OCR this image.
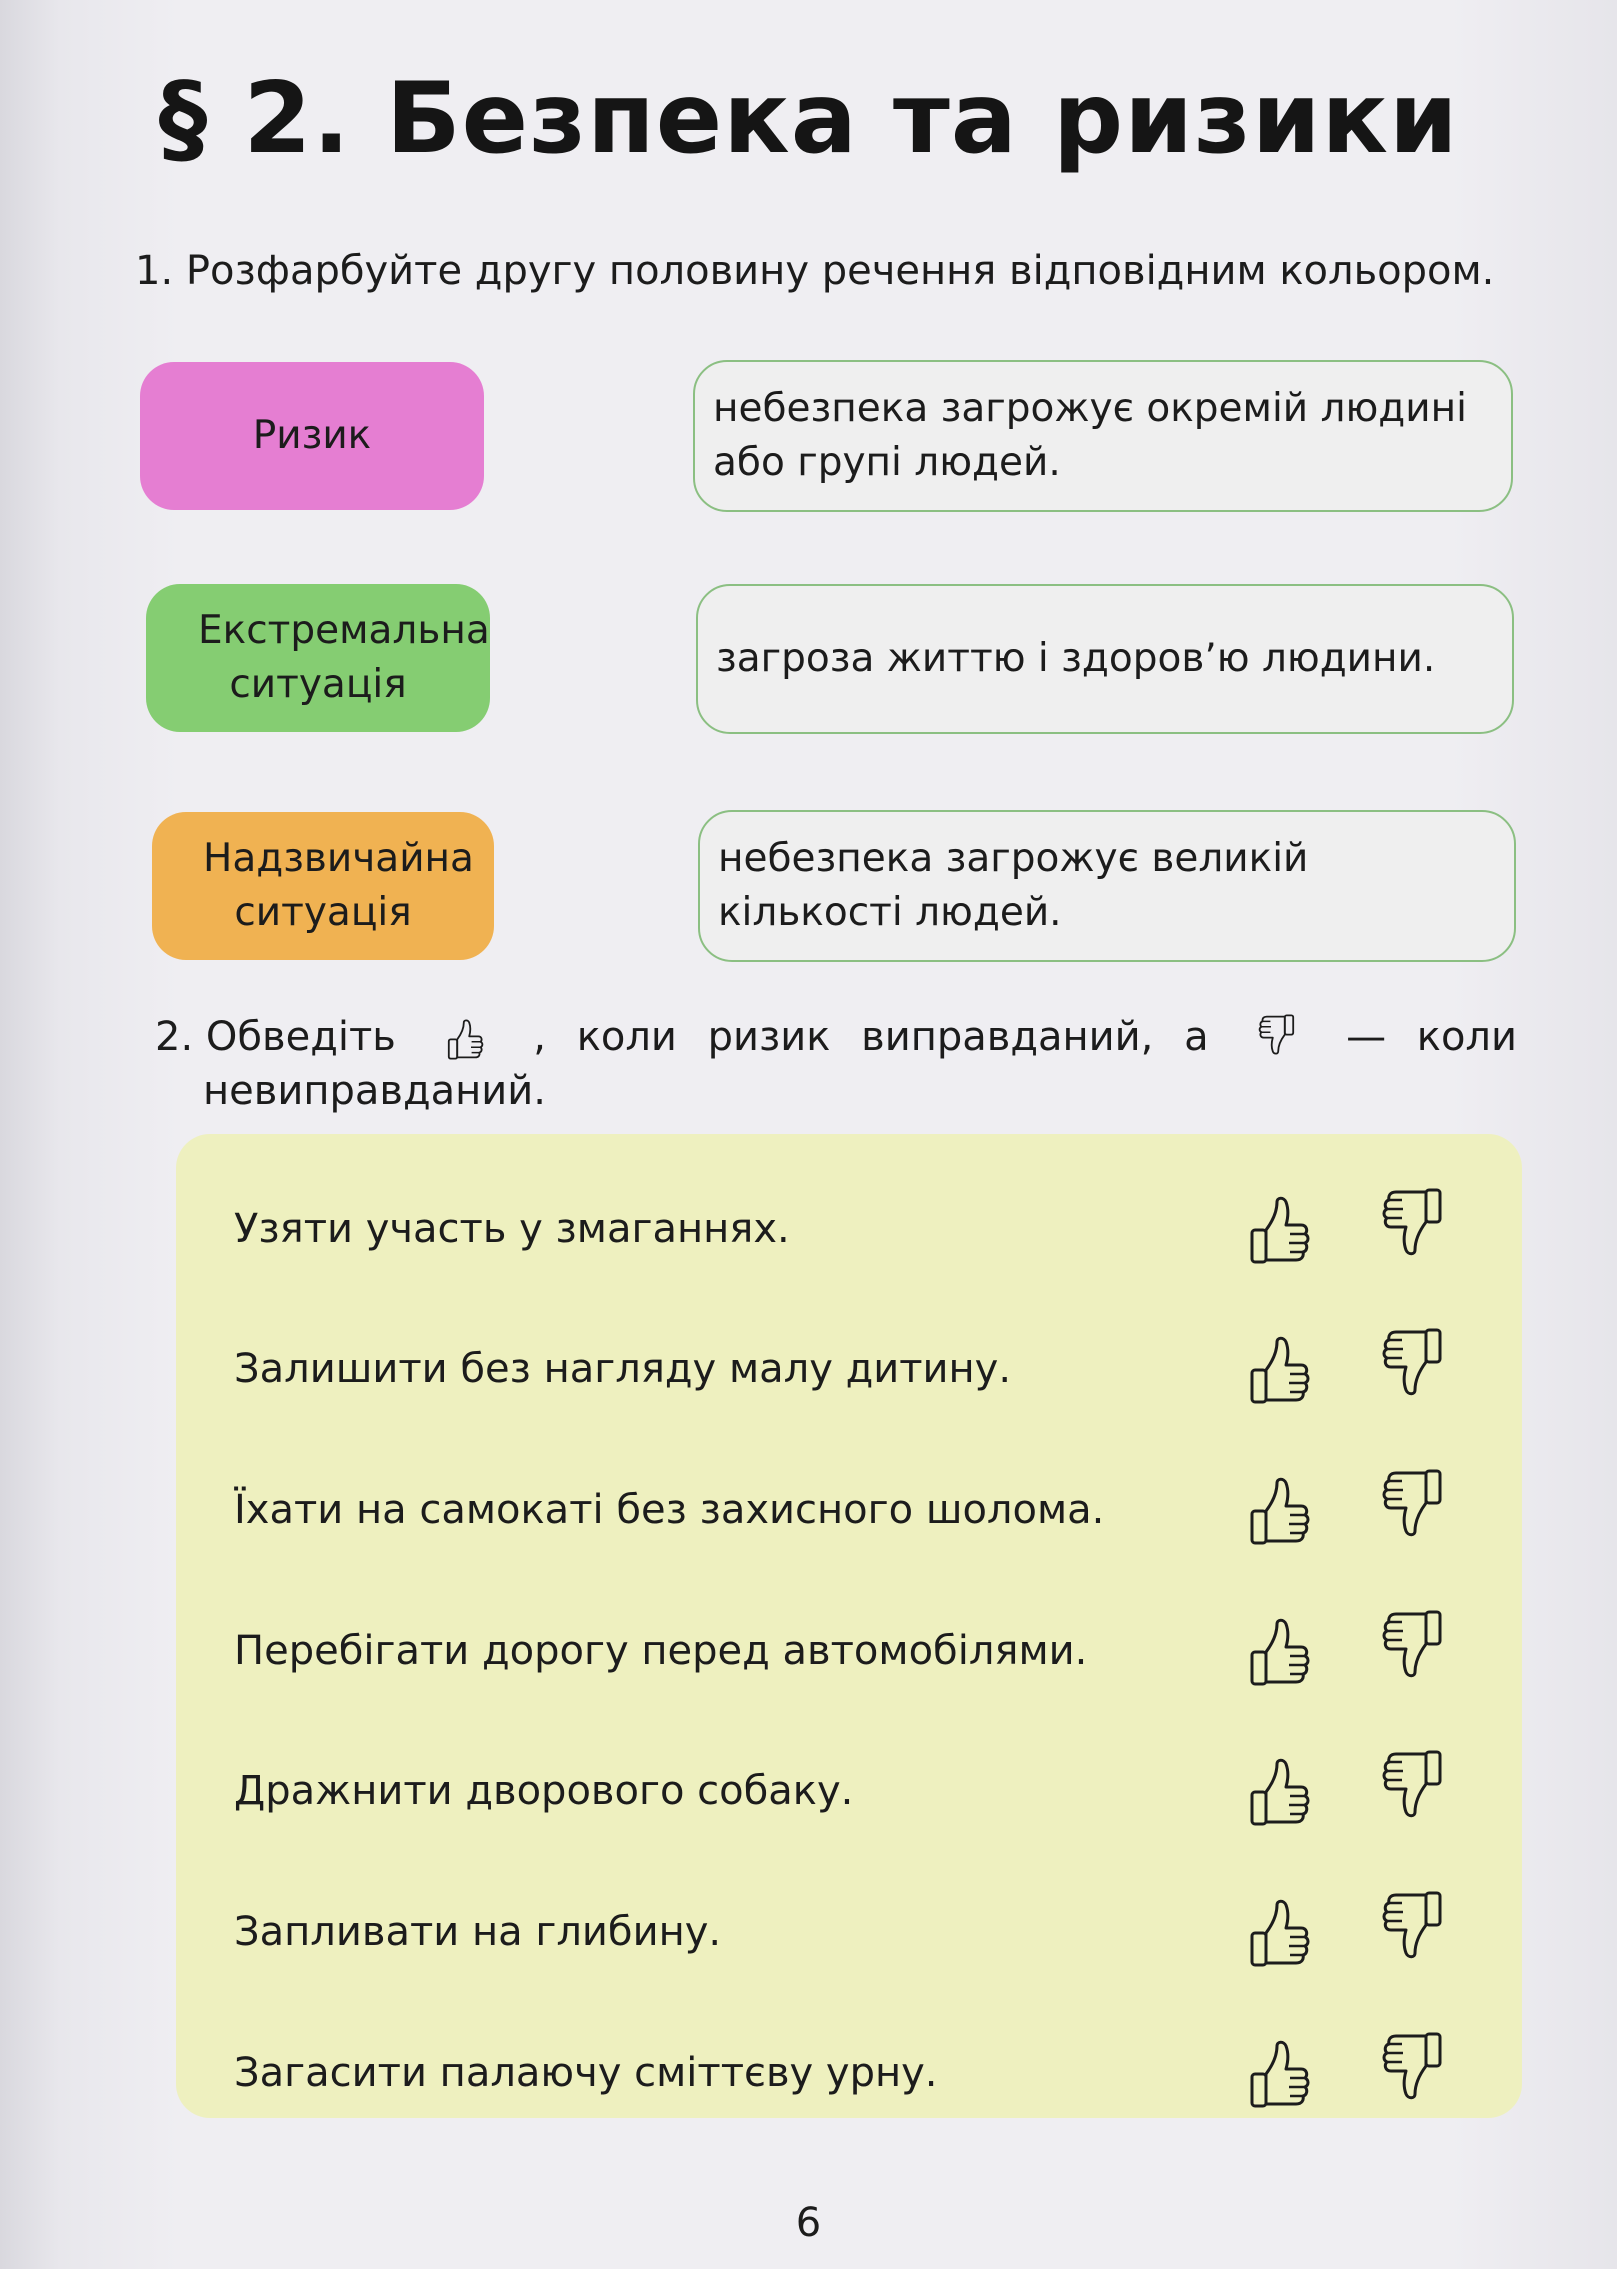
§ 2. Безпека та ризики
1. Розфарбуйте другу половину речення відповідним кольором.
Ризик
небезпека загрожує окремій людині або групі людей.
Екстремальна ситуація
загроза життю і здоров’ю людини.
Надзвичайна ситуація
небезпека загрожує великій кількості людей.
2. Обведіть	, коли ризик виправданий, а	— коли
невиправданий.
Узяти участь у змаганнях.
Залишити без нагляду малу дитину.
Їхати на самокаті без захисного шолома.
Перебігати дорогу перед автомобілями.
Дражнити дворового собаку.
Запливати на глибину.
Загасити палаючу сміттєву урну.
6
